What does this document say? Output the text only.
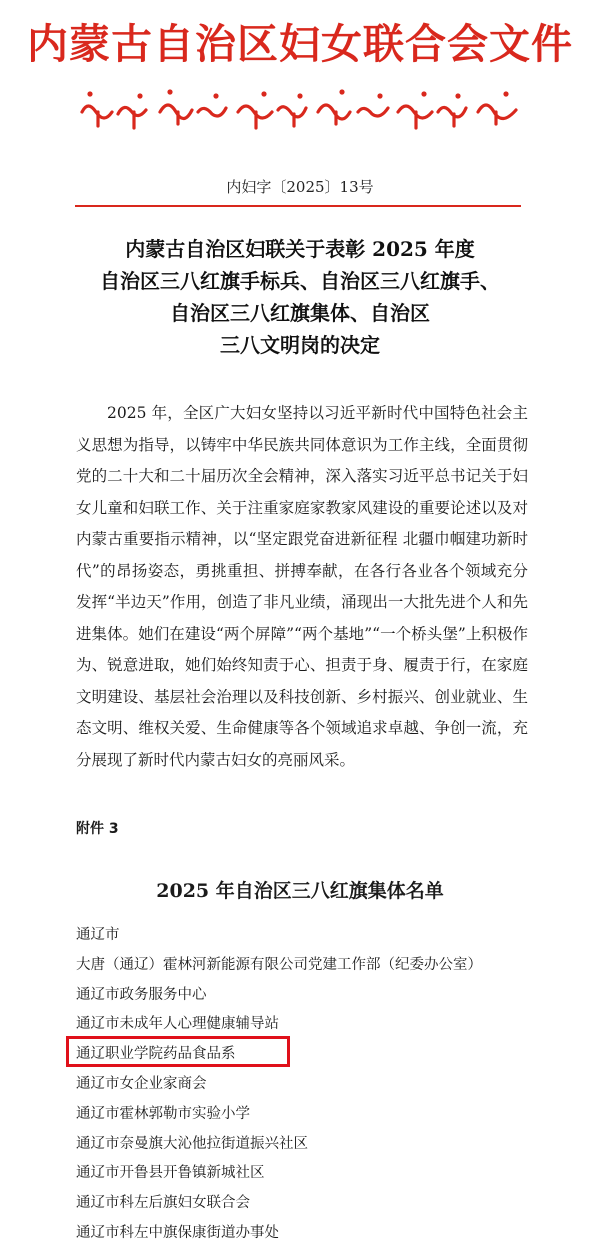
内蒙古自治区妇女联合会文件
内妇字〔2025〕13号
内蒙古自治区妇联关于表彰 2025 年度
自治区三八红旗手标兵、自治区三八红旗手、
自治区三八红旗集体、自治区
三八文明岗的决定

2025 年，全区广大妇女坚持以习近平新时代中国特色社会主义思想为指导，以铸牢中华民族共同体意识为工作主线，全面贯彻党的二十大和二十届历次全会精神，深入落实习近平总书记关于妇女儿童和妇联工作、关于注重家庭家教家风建设的重要论述以及对内蒙古重要指示精神，以“坚定跟党奋进新征程 北疆巾帼建功新时代”的昂扬姿态，勇挑重担、拼搏奉献，在各行各业各个领域充分发挥“半边天”作用，创造了非凡业绩，涌现出一大批先进个人和先进集体。她们在建设“两个屏障”“两个基地”“一个桥头堡”上积极作为、锐意进取，她们始终知责于心、担责于身、履责于行，在家庭文明建设、基层社会治理以及科技创新、乡村振兴、创业就业、生态文明、维权关爱、生命健康等各个领域追求卓越、争创一流，充分展现了新时代内蒙古妇女的亮丽风采。

附件 3
2025 年自治区三八红旗集体名单
通辽市
大唐（通辽）霍林河新能源有限公司党建工作部（纪委办公室）
通辽市政务服务中心
通辽市未成年人心理健康辅导站
通辽职业学院药品食品系
通辽市女企业家商会
通辽市霍林郭勒市实验小学
通辽市奈曼旗大沁他拉街道振兴社区
通辽市开鲁县开鲁镇新城社区
通辽市科左后旗妇女联合会
通辽市科左中旗保康街道办事处
